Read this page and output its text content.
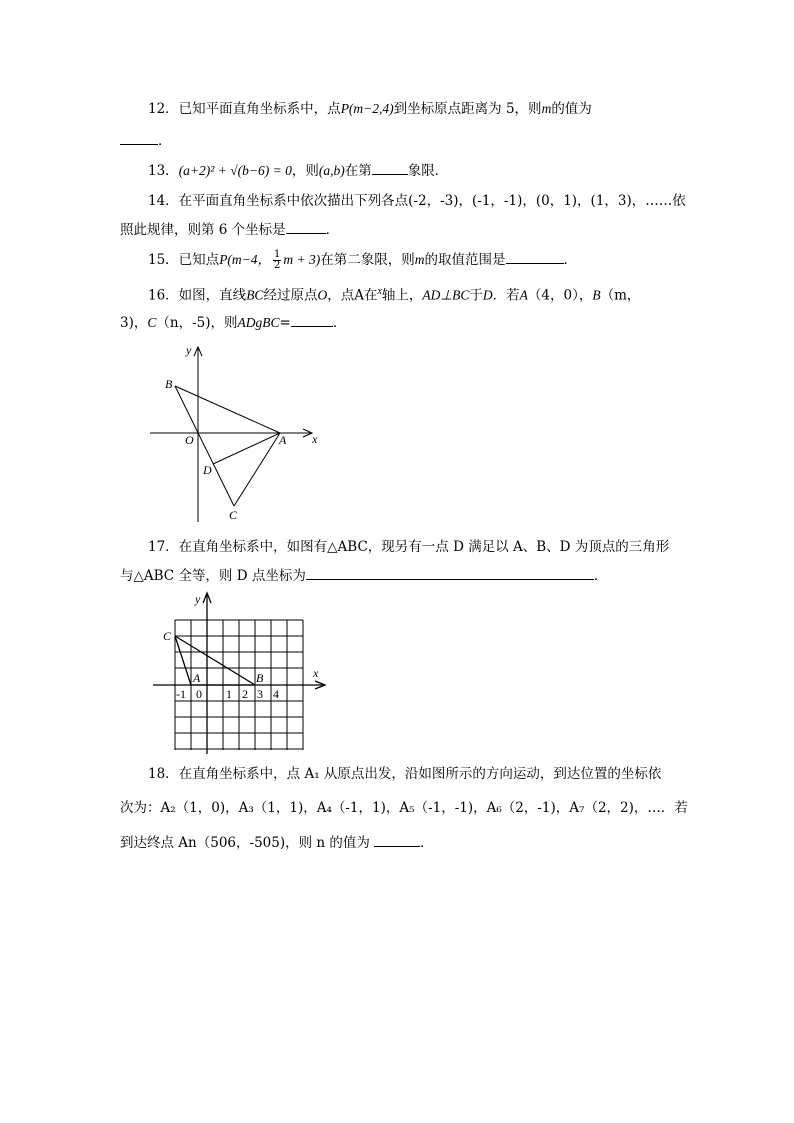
12．已知平面直角坐标系中，点P(m−2,4)到坐标原点距离为 5，则m的值为
．
13．(a+2)² + √(b−6) = 0，则(a,b)在第	象限．
14．在平面直角坐标系中依次描出下列各点(-2，-3)，(-1，-1)，(0，1)，(1，3)，……依
照此规律，则第 6 个坐标是	．
15．已知点P(m−4， $\frac{1}{2}$ m + 3)在第二象限，则m的取值范围是	．
16．如图，直线BC经过原点O，点A在$^x$轴上，AD⊥BC于D．若A（4，0），B（m，
3)，C（n，-5)，则ADgBC=	．
y
x
B
O	A
D
C
17．在直角坐标系中，如图有△ABC，现另有一点 D 满足以 A、B、D 为顶点的三角形
与△ABC 全等，则 D 点坐标为	．
y
x
C
A	B
-1 0 1 2 3 4
18．在直角坐标系中，点 A₁ 从原点出发，沿如图所示的方向运动，到达位置的坐标依
次为：A₂（1，0)，A₃（1，1)，A₄（-1，1)，A₅（-1，-1)，A₆（2，-1)，A₇（2，2)，…．若
到达终点 An（506，-505)，则 n 的值为	．
